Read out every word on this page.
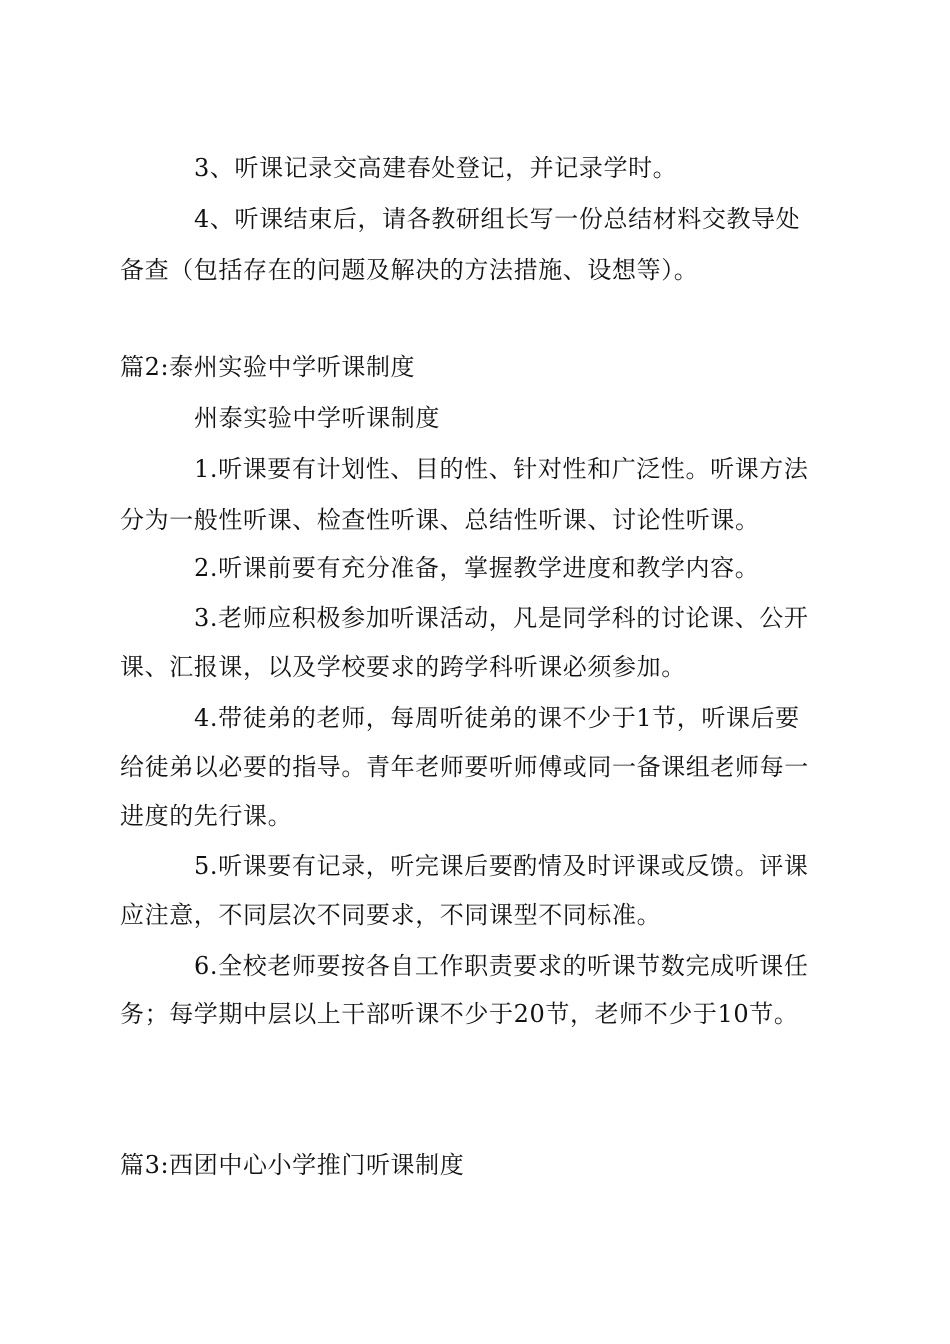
3、听课记录交高建春处登记，并记录学时。
4、听课结束后，请各教研组长写一份总结材料交教导处
备查（包括存在的问题及解决的方法措施、设想等）。
篇2:泰州实验中学听课制度
州泰实验中学听课制度
1.听课要有计划性、目的性、针对性和广泛性。听课方法
分为一般性听课、检查性听课、总结性听课、讨论性听课。
2.听课前要有充分准备，掌握教学进度和教学内容。
3.老师应积极参加听课活动，凡是同学科的讨论课、公开
课、汇报课，以及学校要求的跨学科听课必须参加。
4.带徒弟的老师，每周听徒弟的课不少于1节，听课后要
给徒弟以必要的指导。青年老师要听师傅或同一备课组老师每一
进度的先行课。
5.听课要有记录，听完课后要酌情及时评课或反馈。评课
应注意，不同层次不同要求，不同课型不同标准。
6.全校老师要按各自工作职责要求的听课节数完成听课任
务；每学期中层以上干部听课不少于20节，老师不少于10节。
篇3:西团中心小学推门听课制度
